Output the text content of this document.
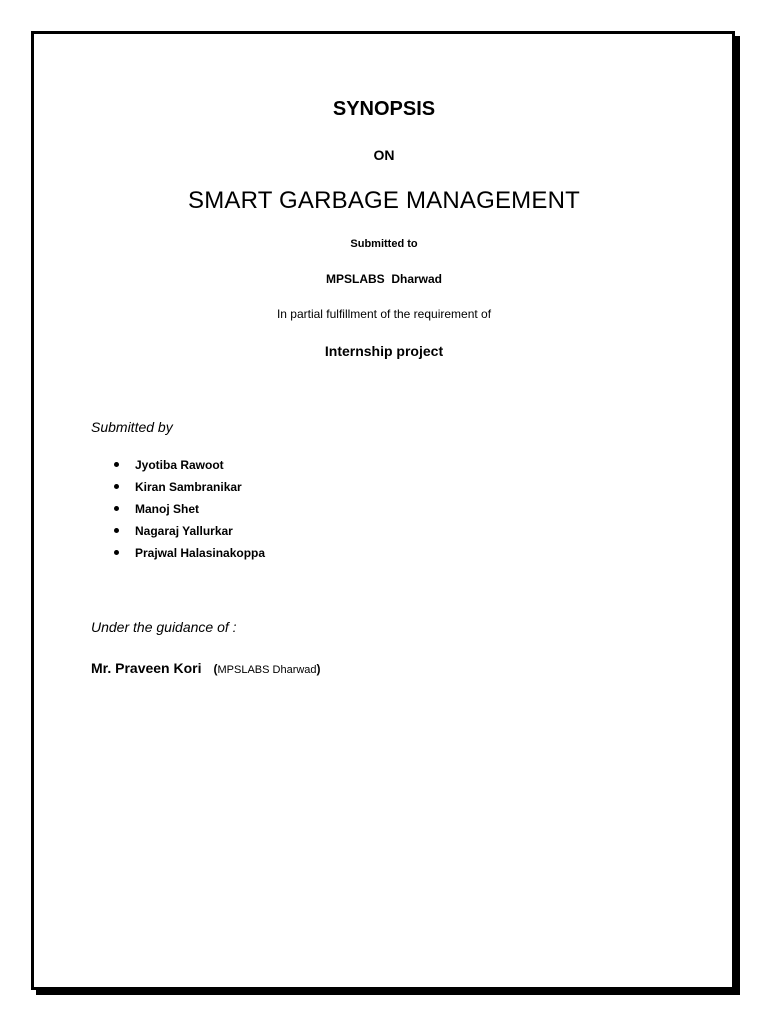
SYNOPSIS
ON
SMART GARBAGE MANAGEMENT
Submitted to
MPSLABS  Dharwad
In partial fulfillment of the requirement of
Internship project
Submitted by
Jyotiba Rawoot
Kiran Sambranikar
Manoj Shet
Nagaraj Yallurkar
Prajwal Halasinakoppa
Under the guidance of :
Mr. Praveen Kori (MPSLABS Dharwad)
